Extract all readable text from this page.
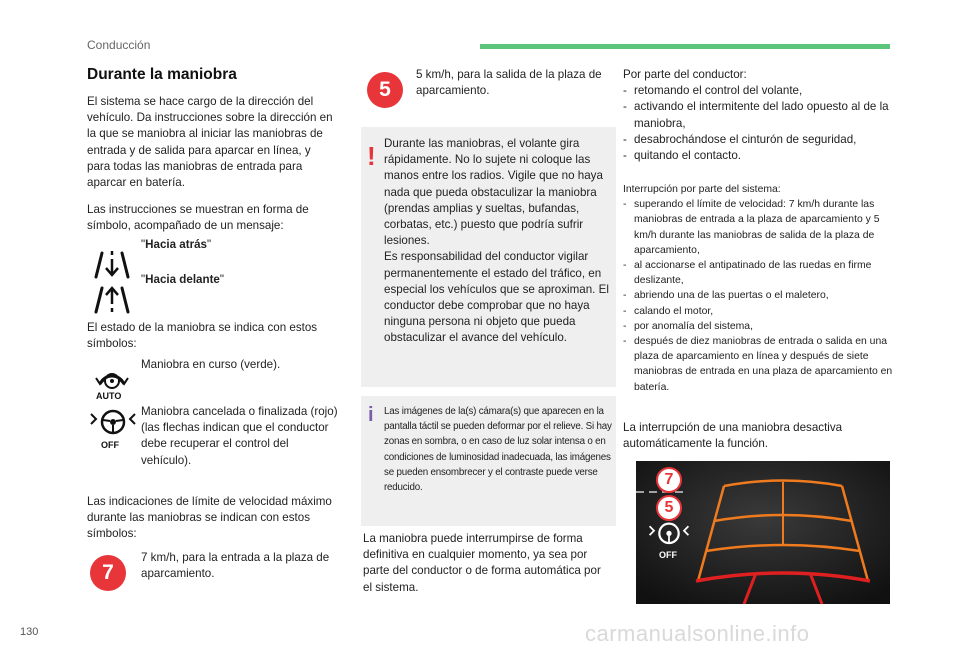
Conducción
Durante la maniobra

El sistema se hace cargo de la dirección del vehículo. Da instrucciones sobre la dirección en la que se maniobra al iniciar las maniobras de entrada y de salida para aparcar en línea, y para todas las maniobras de entrada para aparcar en batería.

Las instrucciones se muestran en forma de símbolo, acompañado de un mensaje:

"Hacia atrás"
"Hacia delante"

El estado de la maniobra se indica con estos símbolos:

AUTO

Maniobra en curso (verde).

OFF

Maniobra cancelada o finalizada (rojo) (las flechas indican que el conductor debe recuperar el control del vehículo).

Las indicaciones de límite de velocidad máximo durante las maniobras se indican con estos símbolos:

7

7 km/h, para la entrada a la plaza de aparcamiento.

5

5 km/h, para la salida de la plaza de aparcamiento.

! Durante las maniobras, el volante gira rápidamente. No lo sujete ni coloque las manos entre los radios. Vigile que no haya nada que pueda obstaculizar la maniobra (prendas amplias y sueltas, bufandas, corbatas, etc.) puesto que podría sufrir lesiones.

Es responsabilidad del conductor vigilar permanentemente el estado del tráfico, en especial los vehículos que se aproximan. El conductor debe comprobar que no haya ninguna persona ni objeto que pueda obstaculizar el avance del vehículo.

i Las imágenes de la(s) cámara(s) que aparecen en la pantalla táctil se pueden deformar por el relieve. Si hay zonas en sombra, o en caso de luz solar intensa o en condiciones de luminosidad inadecuada, las imágenes se pueden ensombrecer y el contraste puede verse reducido.

La maniobra puede interrumpirse de forma definitiva en cualquier momento, ya sea por parte del conductor o de forma automática por el sistema.

Por parte del conductor:

- retomando el control del volante,
- activando el intermitente del lado opuesto al de la maniobra,
- desabrochándose el cinturón de seguridad,
- quitando el contacto.

Interrupción por parte del sistema:

- superando el límite de velocidad: 7 km/h durante las maniobras de entrada a la plaza de aparcamiento y 5 km/h durante las maniobras de salida de la plaza de aparcamiento,
- al accionarse el antipatinado de las ruedas en firme deslizante,
- abriendo una de las puertas o el maletero,
- calando el motor,
- por anomalía del sistema,
- después de diez maniobras de entrada o salida en una plaza de aparcamiento en línea y después de siete maniobras de entrada en una plaza de aparcamiento en batería.

La interrupción de una maniobra desactiva automáticamente la función.

7
5
OFF
130	carmanualsonline.info
